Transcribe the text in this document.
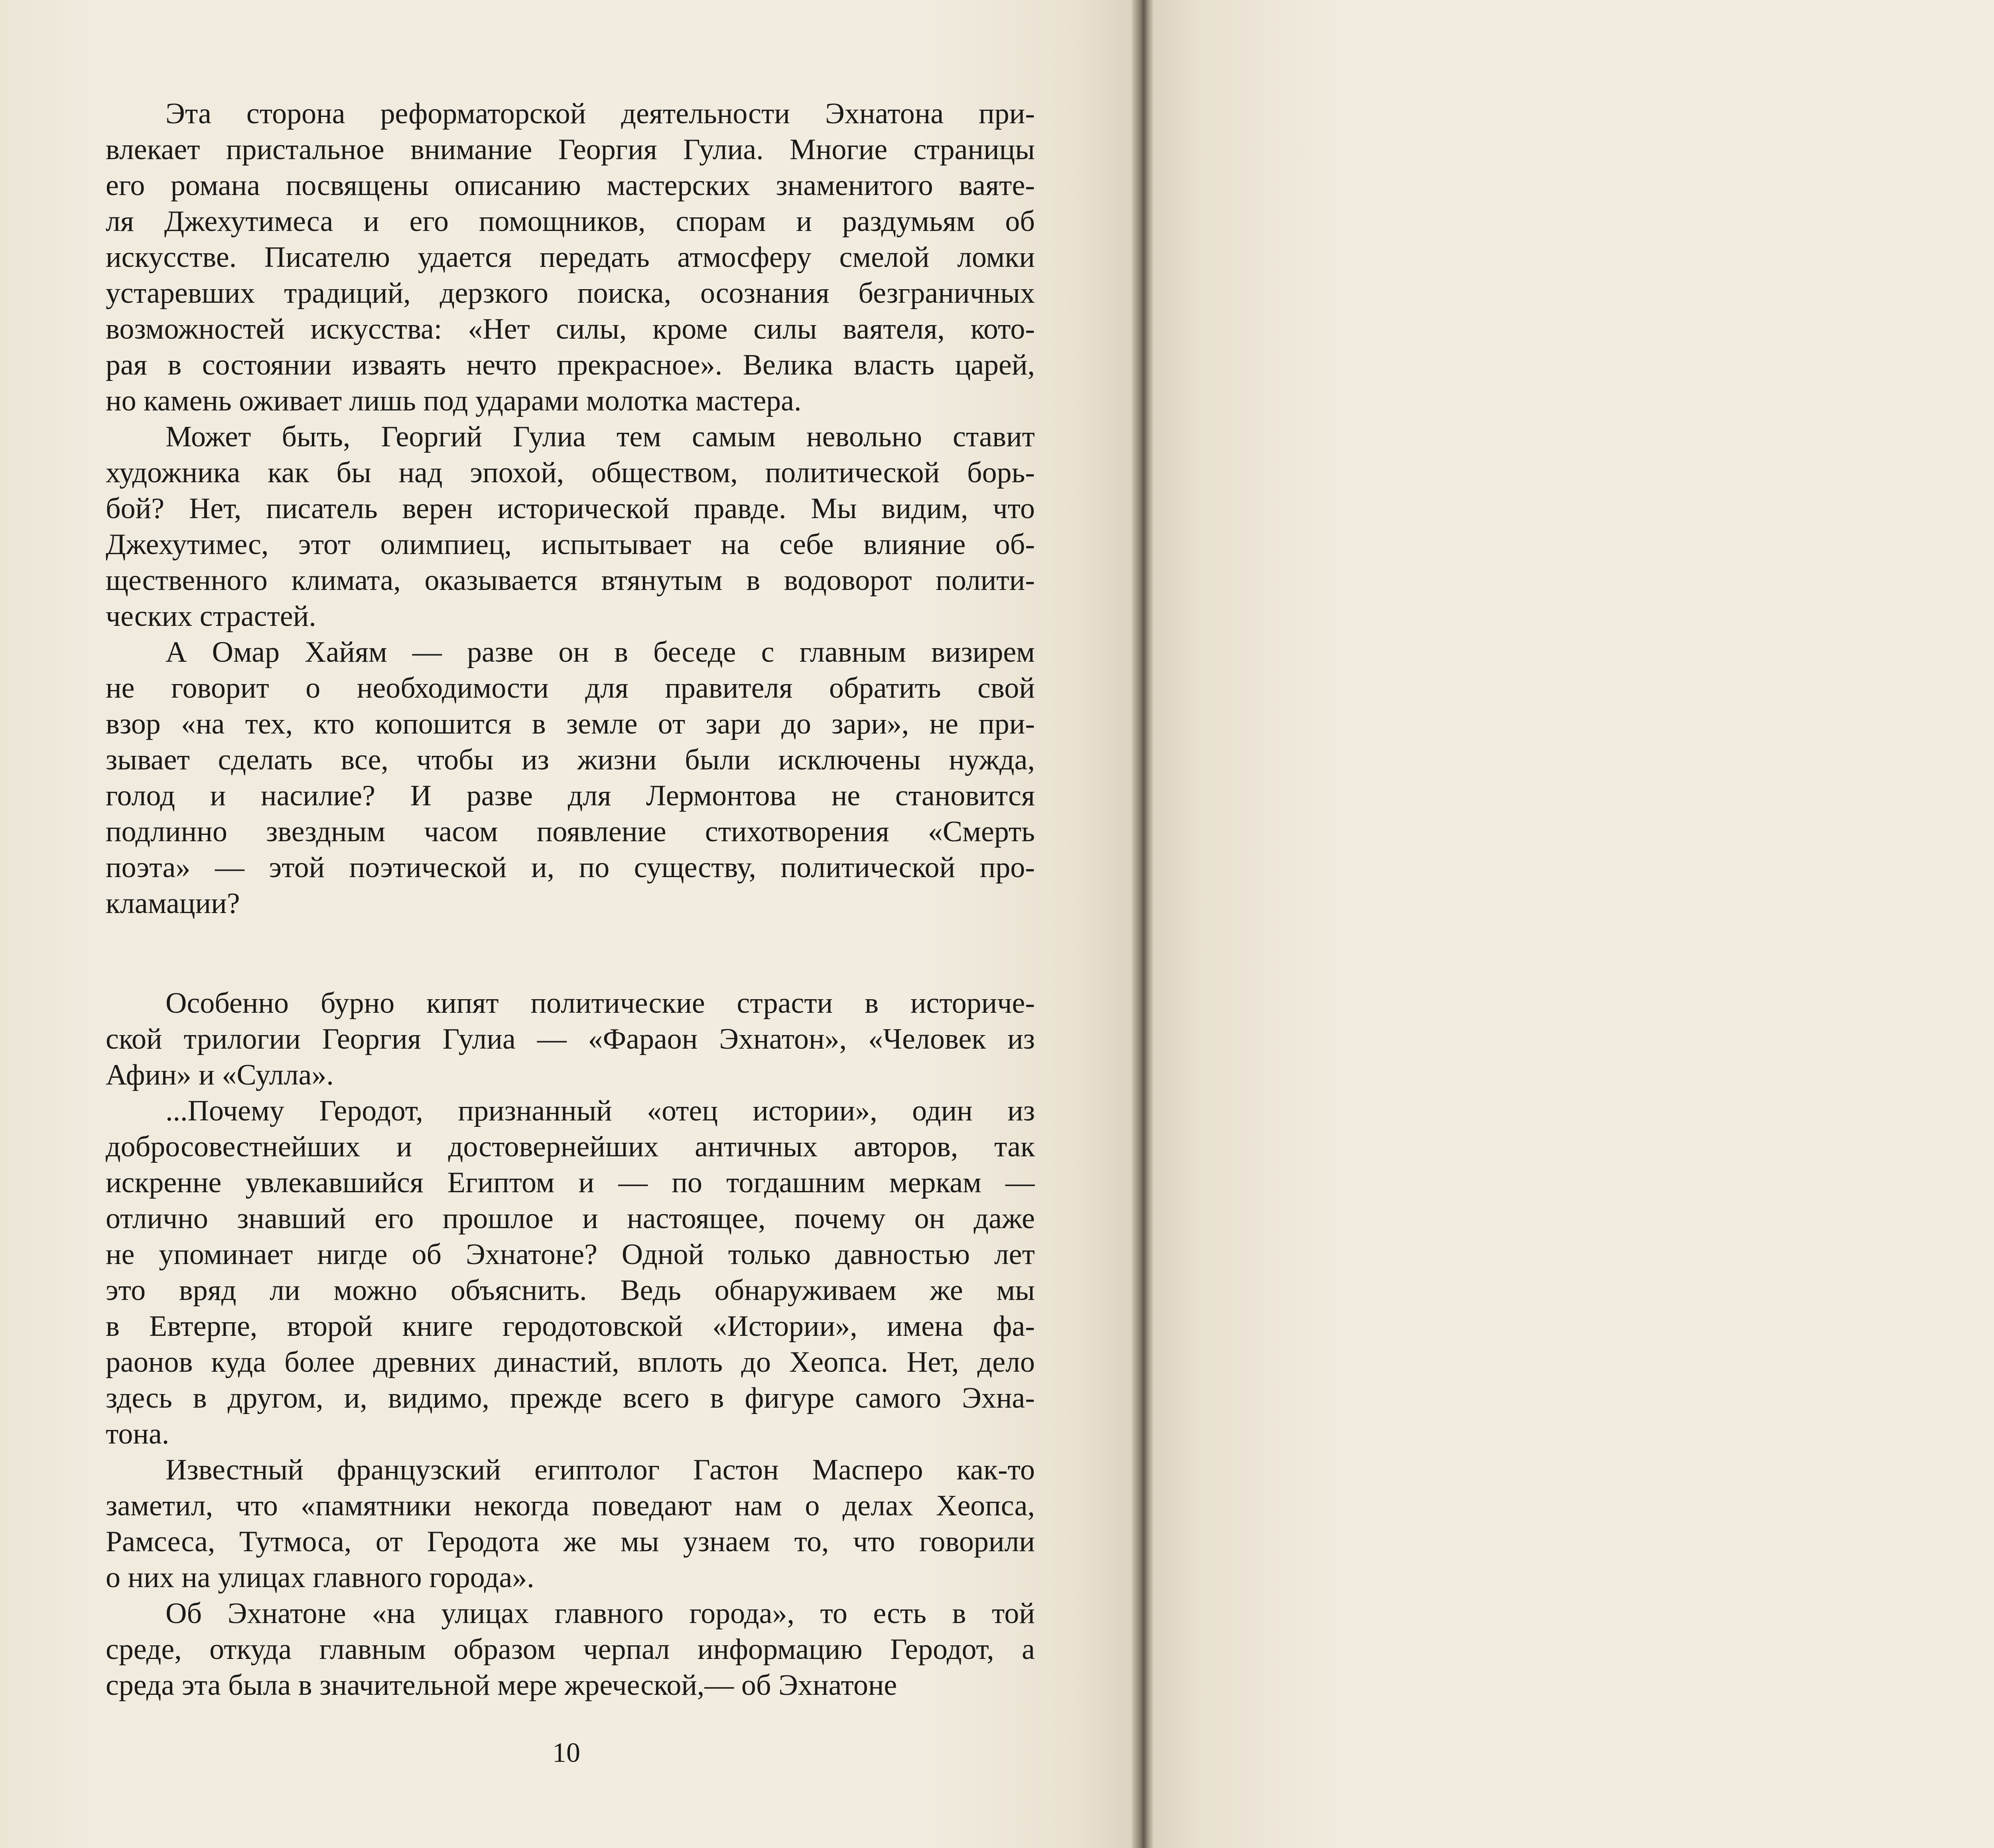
Эта сторона реформаторской деятельности Эхнатона при-
влекает пристальное внимание Георгия Гулиа. Многие страницы
его романа посвящены описанию мастерских знаменитого ваяте-
ля Джехутимеса и его помощников, спорам и раздумьям об
искусстве. Писателю удается передать атмосферу смелой ломки
устаревших традиций, дерзкого поиска, осознания безграничных
возможностей искусства: «Нет силы, кроме силы ваятеля, кото-
рая в состоянии изваять нечто прекрасное». Велика власть царей,
но камень оживает лишь под ударами молотка мастера.
Может быть, Георгий Гулиа тем самым невольно ставит
художника как бы над эпохой, обществом, политической борь-
бой? Нет, писатель верен исторической правде. Мы видим, что
Джехутимес, этот олимпиец, испытывает на себе влияние об-
щественного климата, оказывается втянутым в водоворот полити-
ческих страстей.
А Омар Хайям — разве он в беседе с главным визирем
не говорит о необходимости для правителя обратить свой
взор «на тех, кто копошится в земле от зари до зари», не при-
зывает сделать все, чтобы из жизни были исключены нужда,
голод и насилие? И разве для Лермонтова не становится
подлинно звездным часом появление стихотворения «Смерть
поэта» — этой поэтической и, по существу, политической про-
кламации?
Особенно бурно кипят политические страсти в историче-
ской трилогии Георгия Гулиа — «Фараон Эхнатон», «Человек из
Афин» и «Сулла».
...Почему Геродот, признанный «отец истории», один из
добросовестнейших и достовернейших античных авторов, так
искренне увлекавшийся Египтом и — по тогдашним меркам —
отлично знавший его прошлое и настоящее, почему он даже
не упоминает нигде об Эхнатоне? Одной только давностью лет
это вряд ли можно объяснить. Ведь обнаруживаем же мы
в Евтерпе, второй книге геродотовской «Истории», имена фа-
раонов куда более древних династий, вплоть до Хеопса. Нет, дело
здесь в другом, и, видимо, прежде всего в фигуре самого Эхна-
тона.
Известный французский египтолог Гастон Масперо как-то
заметил, что «памятники некогда поведают нам о делах Хеопса,
Рамсеса, Тутмоса, от Геродота же мы узнаем то, что говорили
о них на улицах главного города».
Об Эхнатоне «на улицах главного города», то есть в той
среде, откуда главным образом черпал информацию Геродот, а
среда эта была в значительной мере жреческой,— об Эхнатоне
10
